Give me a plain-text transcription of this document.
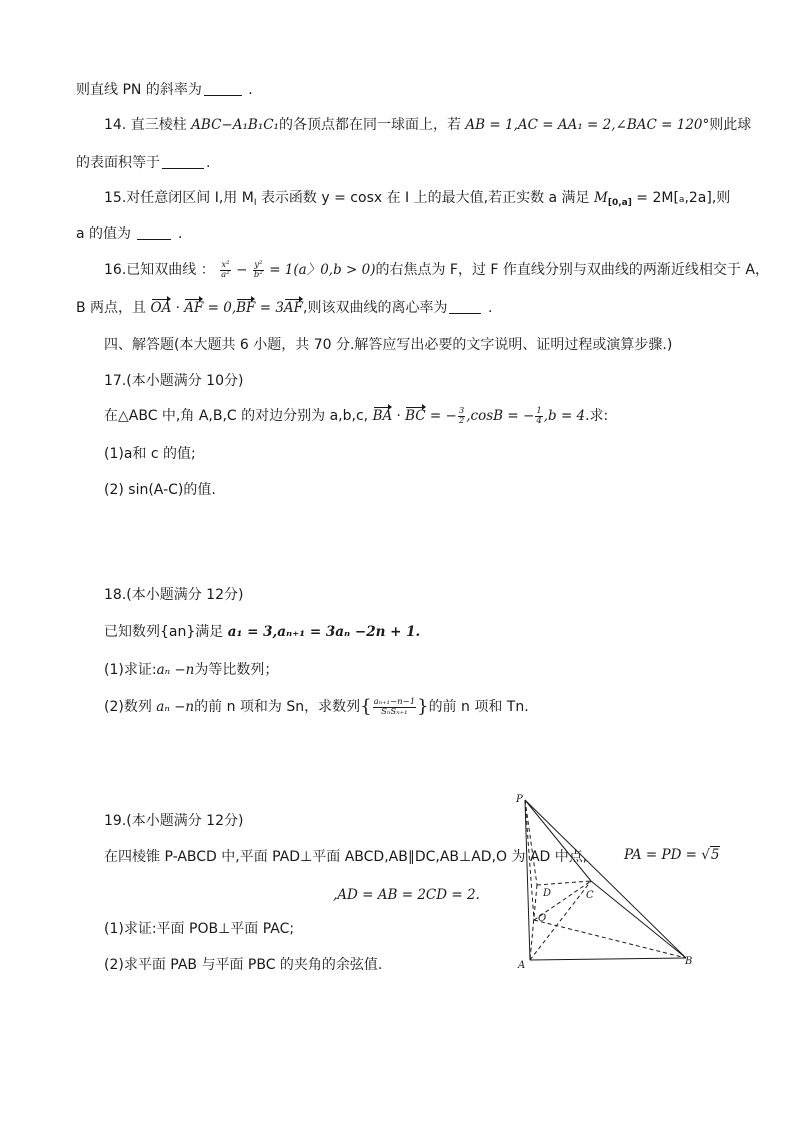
则直线 PN 的斜率为	.
14. 直三棱柱 ABC−A₁B₁C₁的各顶点都在同一球面上，若 AB = 1,AC = AA₁ = 2,∠BAC = 120°则此球
的表面积等于	.
15.对任意闭区间 I,用 $M_I$ 表示函数 y = cosx 在 I 上的最大值,若正实数 a 满足 $M_{[0,a]} = 2M[a,2a]$,则
a 的值为	.
16.已知双曲线 ： $\frac{\text{x²}}{\text{a²}} - \frac{\text{y²}}{\text{b²}} = 1(a$〉0,b > 0)的右焦点为 F，过 F 作直线分别与双曲线的两渐近线相交于 A，
B 两点，且 OA · AF = 0,BF = 3AF,则该双曲线的离心率为	.
四、解答题(本大题共 6 小题，共 70 分.解答应写出必要的文字说明、证明过程或演算步骤.)
17.(本小题满分 10分)
在△ABC 中,角 A,B,C 的对边分别为 a,b,c, BA · BC = − $\frac{3}{2} ,\cos B$ = − $\frac{1}{4} ,b = 4$.求:
(1)a和 c 的值;
(2) sin(A-C)的值.
18.(本小题满分 12分)
已知数列{an}满足 a₁ = 3,aₙ₊₁ = 3aₙ −2n + 1.
(1)求证:aₙ −n为等比数列；
(2)数列 aₙ −n的前 n 项和为 Sn，求数列{ $\frac{\text{aₙ₊₁−n−1}}{\text{SₙSₙ₊₁}}$ }的前 n 项和 Tn.
19.(本小题满分 12分)
在四棱锥 P-ABCD 中,平面 PAD⊥平面 ABCD,AB∥DC,AB⊥AD,O 为 AD 中点,	PA = PD = √5
,AD = AB = 2CD = 2.
(1)求证:平面 POB⊥平面 PAC;
(2)求平面 PAB 与平面 PBC 的夹角的余弦值.
P
D	C
O
A	B
